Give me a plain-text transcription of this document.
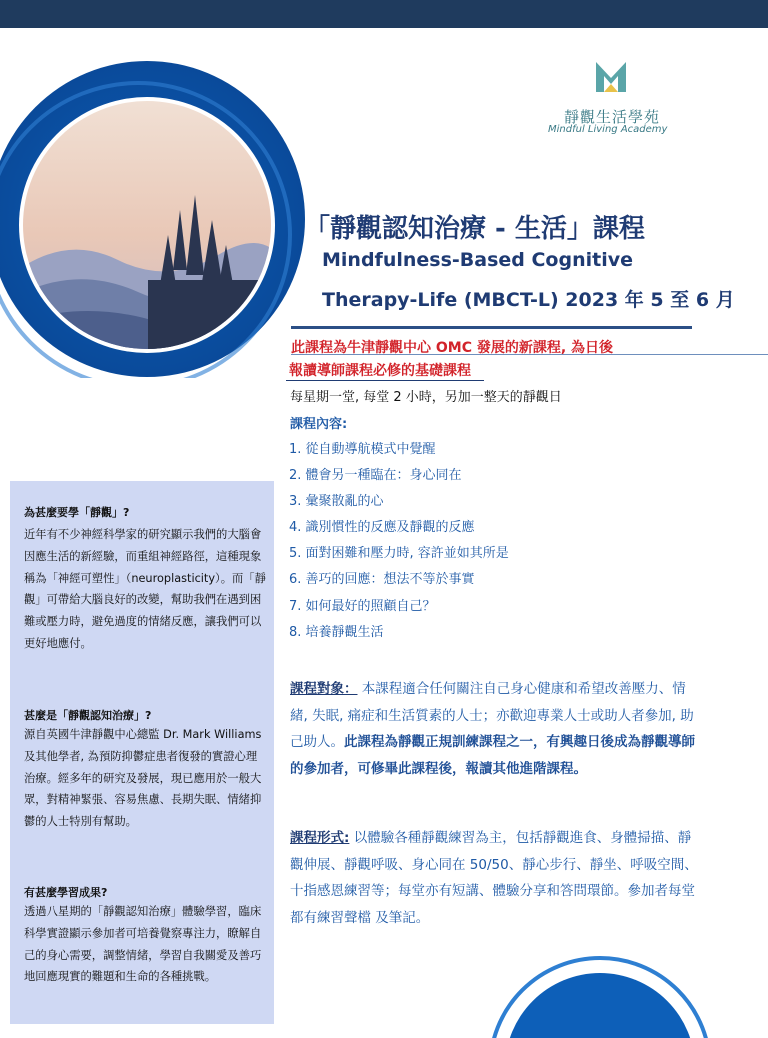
靜觀生活學苑
Mindful Living Academy
「靜觀認知治療 - 生活」課程
Mindfulness-Based Cognitive
Therapy-Life (MBCT-L) 2023 年 5 至 6 月
此課程為牛津靜觀中心 OMC 發展的新課程, 為日後
報讀導師課程必修的基礎課程
每星期一堂, 每堂 2 小時，另加一整天的靜觀日
課程內容:
1. 從自動導航模式中覺醒
2. 體會另一種臨在：身心同在
3. 彙聚散亂的心
4. 識別慣性的反應及靜觀的反應
5. 面對困難和壓力時, 容許並如其所是
6. 善巧的回應：想法不等於事實
7. 如何最好的照顧自己？
8. 培養靜觀生活
課程對象： 本課程適合任何關注自己身心健康和希望改善壓力、情緒, 失眠, 痛症和生活質素的人士；亦歡迎專業人士或助人者參加, 助己助人。此課程為靜觀正規訓練課程之一，有興趣日後成為靜觀導師的參加者，可修畢此課程後，報讀其他進階課程。
課程形式: 以體驗各種靜觀練習為主，包括靜觀進食、身體掃描、靜觀伸展、靜觀呼吸、身心同在 50/50、靜心步行、靜坐、呼吸空間、十指感恩練習等；每堂亦有短講、體驗分享和答問環節。參加者每堂都有練習聲檔 及筆記。
為甚麼要學「靜觀」?
近年有不少神經科學家的研究顯示我們的大腦會因應生活的新經驗，而重組神經路徑，這種現象稱為「神經可塑性」（neuroplasticity）。而「靜觀」可帶給大腦良好的改變，幫助我們在遇到困難或壓力時，避免過度的情緒反應，讓我們可以更好地應付。
甚麼是「靜觀認知治療」?
源自英國牛津靜觀中心總監 Dr. Mark Williams 及其他學者, 為預防抑鬱症患者復發的實證心理治療。經多年的研究及發展，現已應用於一般大眾，對精神緊張、容易焦慮、長期失眠、情緒抑鬱的人士特別有幫助。
有甚麼學習成果?
透過八星期的「靜觀認知治療」體驗學習，臨床科學實證顯示參加者可培養覺察專注力，瞭解自己的身心需要，調整情緒，學習自我關愛及善巧地回應現實的難題和生命的各種挑戰。
